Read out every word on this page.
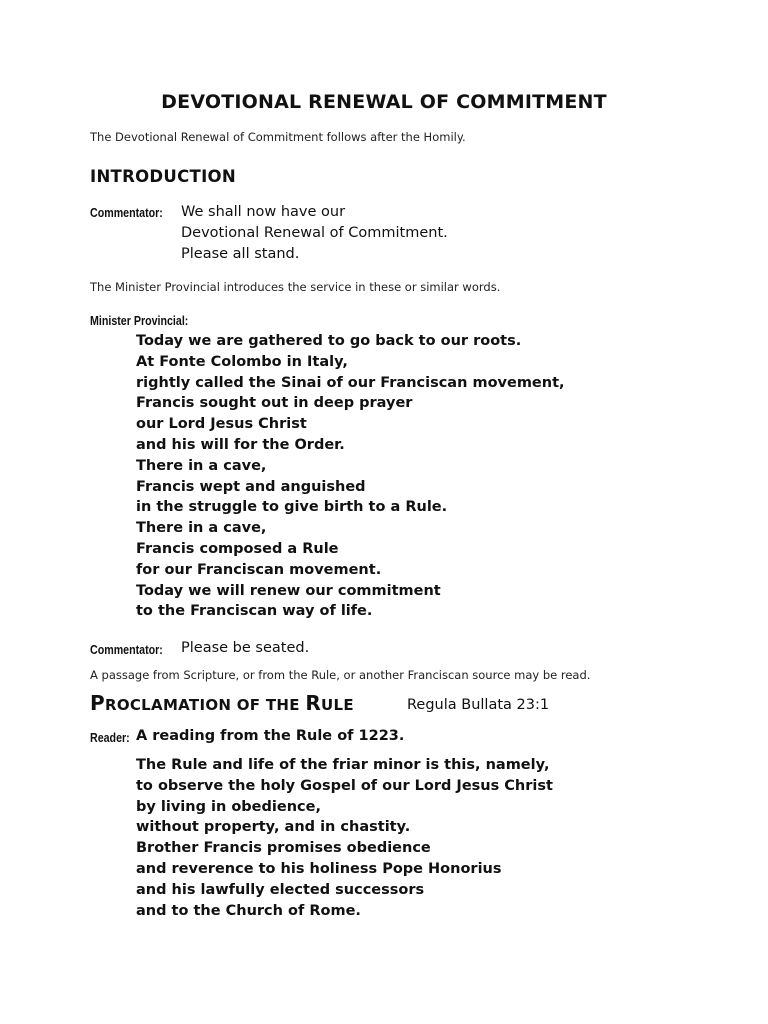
DEVOTIONAL RENEWAL OF COMMITMENT
The Devotional Renewal of Commitment follows after the Homily.
INTRODUCTION
Commentator: We shall now have our
Devotional Renewal of Commitment.
Please all stand.
The Minister Provincial introduces the service in these or similar words.
Minister Provincial:
Today we are gathered to go back to our roots.
At Fonte Colombo in Italy,
rightly called the Sinai of our Franciscan movement,
Francis sought out in deep prayer
our Lord Jesus Christ
and his will for the Order.
There in a cave,
Francis wept and anguished
in the struggle to give birth to a Rule.
There in a cave,
Francis composed a Rule
for our Franciscan movement.
Today we will renew our commitment
to the Franciscan way of life.
Commentator: Please be seated.
A passage from Scripture, or from the Rule, or another Franciscan source may be read.
PROCLAMATION OF THE RULE	Regula Bullata 23:1
Reader: A reading from the Rule of 1223.
The Rule and life of the friar minor is this, namely,
to observe the holy Gospel of our Lord Jesus Christ
by living in obedience,
without property, and in chastity.
Brother Francis promises obedience
and reverence to his holiness Pope Honorius
and his lawfully elected successors
and to the Church of Rome.
